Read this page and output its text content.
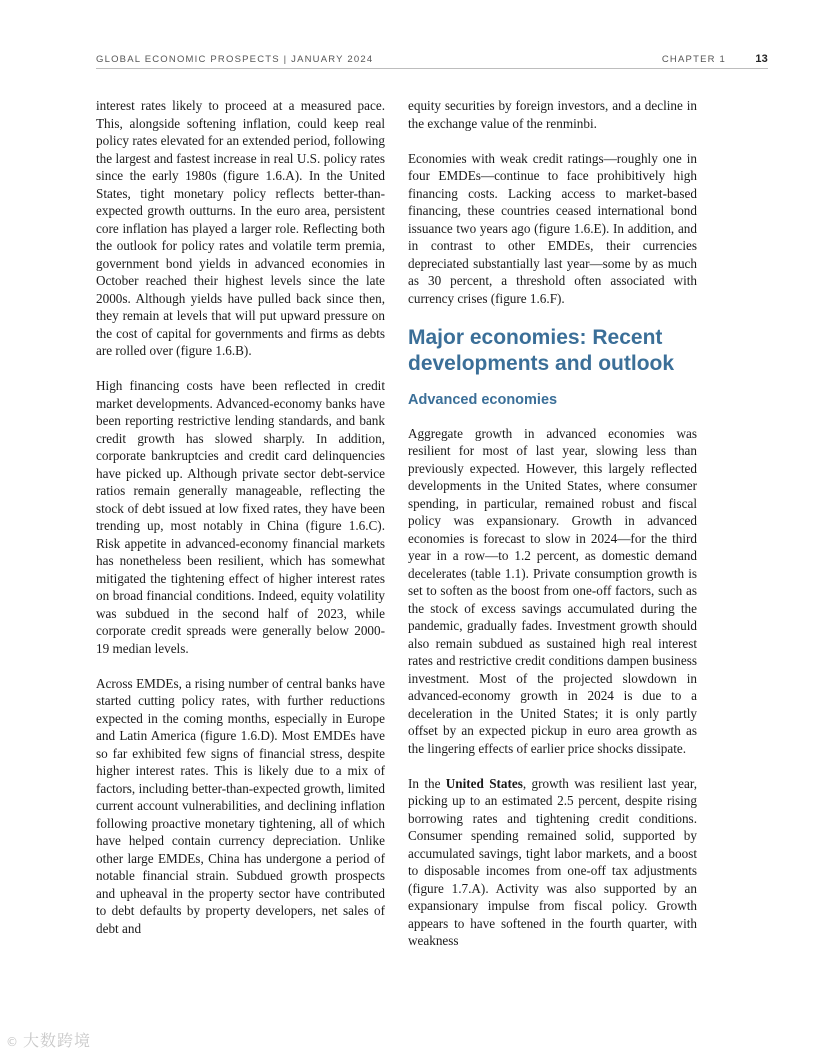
GLOBAL ECONOMIC PROSPECTS | JANUARY 2024	CHAPTER 1	13

interest rates likely to proceed at a measured pace. This, alongside softening inflation, could keep real policy rates elevated for an extended period, following the largest and fastest increase in real U.S. policy rates since the early 1980s (figure 1.6.A). In the United States, tight monetary policy reflects better-than-expected growth outturns. In the euro area, persistent core inflation has played a larger role. Reflecting both the outlook for policy rates and volatile term premia, government bond yields in advanced economies in October reached their highest levels since the late 2000s. Although yields have pulled back since then, they remain at levels that will put upward pressure on the cost of capital for governments and firms as debts are rolled over (figure 1.6.B).

High financing costs have been reflected in credit market developments. Advanced-economy banks have been reporting restrictive lending standards, and bank credit growth has slowed sharply. In addition, corporate bankruptcies and credit card delinquencies have picked up. Although private sector debt-service ratios remain generally manageable, reflecting the stock of debt issued at low fixed rates, they have been trending up, most notably in China (figure 1.6.C). Risk appetite in advanced-economy financial markets has nonetheless been resilient, which has somewhat mitigated the tightening effect of higher interest rates on broad financial conditions. Indeed, equity volatility was subdued in the second half of 2023, while corporate credit spreads were generally below 2000-19 median levels.

Across EMDEs, a rising number of central banks have started cutting policy rates, with further reductions expected in the coming months, especially in Europe and Latin America (figure 1.6.D). Most EMDEs have so far exhibited few signs of financial stress, despite higher interest rates. This is likely due to a mix of factors, including better-than-expected growth, limited current account vulnerabilities, and declining inflation following proactive monetary tightening, all of which have helped contain currency depreciation. Unlike other large EMDEs, China has undergone a period of notable financial strain. Subdued growth prospects and upheaval in the property sector have contributed to debt defaults by property developers, net sales of debt and

equity securities by foreign investors, and a decline in the exchange value of the renminbi.

Economies with weak credit ratings—roughly one in four EMDEs—continue to face prohibitively high financing costs. Lacking access to market-based financing, these countries ceased international bond issuance two years ago (figure 1.6.E). In addition, and in contrast to other EMDEs, their currencies depreciated substantially last year—some by as much as 30 percent, a threshold often associated with currency crises (figure 1.6.F).

Major economies: Recent developments and outlook
Advanced economies

Aggregate growth in advanced economies was resilient for most of last year, slowing less than previously expected. However, this largely reflected developments in the United States, where consumer spending, in particular, remained robust and fiscal policy was expansionary. Growth in advanced economies is forecast to slow in 2024—for the third year in a row—to 1.2 percent, as domestic demand decelerates (table 1.1). Private consumption growth is set to soften as the boost from one-off factors, such as the stock of excess savings accumulated during the pandemic, gradually fades. Investment growth should also remain subdued as sustained high real interest rates and restrictive credit conditions dampen business investment. Most of the projected slowdown in advanced-economy growth in 2024 is due to a deceleration in the United States; it is only partly offset by an expected pickup in euro area growth as the lingering effects of earlier price shocks dissipate.

In the United States, growth was resilient last year, picking up to an estimated 2.5 percent, despite rising borrowing rates and tightening credit conditions. Consumer spending remained solid, supported by accumulated savings, tight labor markets, and a boost to disposable incomes from one-off tax adjustments (figure 1.7.A). Activity was also supported by an expansionary impulse from fiscal policy. Growth appears to have softened in the fourth quarter, with weakness

© 大数跨境
